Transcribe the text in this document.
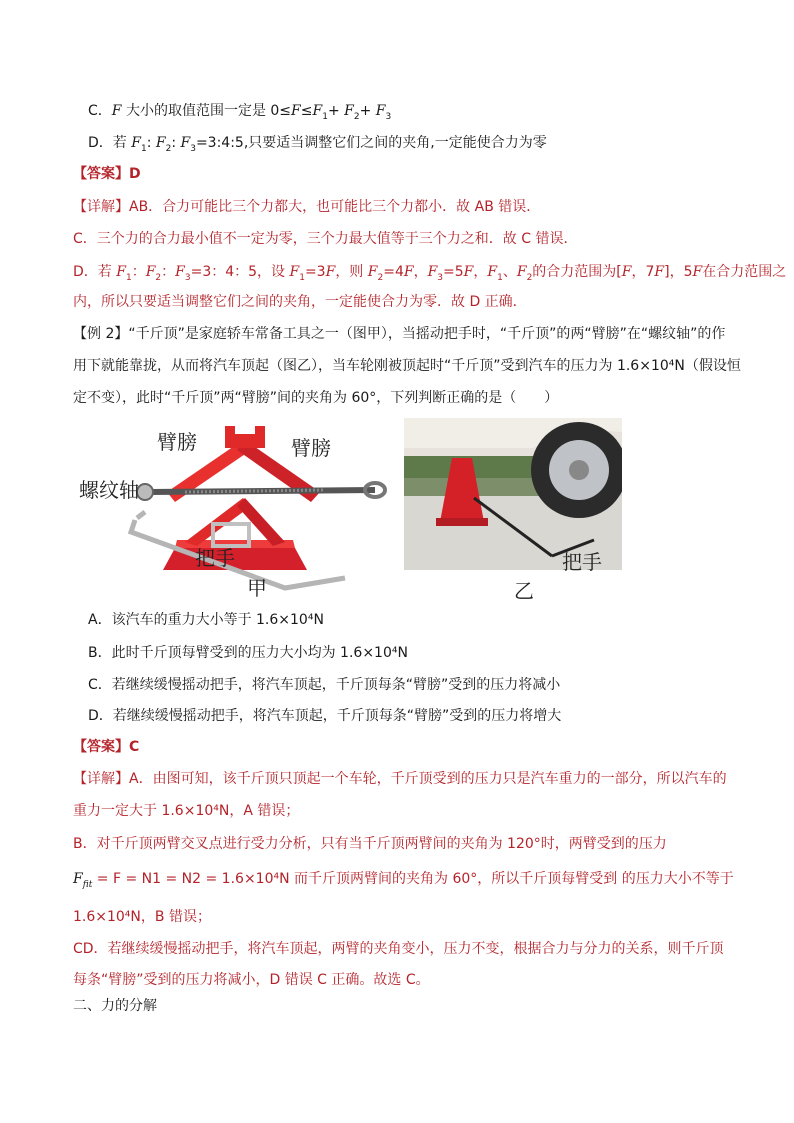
C．F 大小的取值范围一定是 $0\le F\le F_1+ F_2+ F_3$
D．若 $F_1$: $F_2$: $F_3=3:4:5$,只要适当调整它们之间的夹角,一定能使合力为零
【答案】D
【详解】AB．合力可能比三个力都大，也可能比三个力都小．故 AB 错误．
C．三个力的合力最小值不一定为零，三个力最大值等于三个力之和．故 C 错误．
D．若 $F_1$：$F_2$：$F_3=3$：4：5，设 $F_1=3F$，则 $F_2=4F$，$F_3=5F$，$F_1$、$F_2$的合力范围为[F，7F]，5F在合力范围之
内，所以只要适当调整它们之间的夹角，一定能使合力为零．故 D 正确．
【例 2】“千斤顶”是家庭轿车常备工具之一（图甲），当摇动把手时，“千斤顶”的两“臂膀”在“螺纹轴”的作
用下就能靠拢，从而将汽车顶起（图乙），当车轮刚被顶起时“千斤顶”受到汽车的压力为 1.6×10⁴N（假设恒
定不变），此时“千斤顶”两“臂膀”间的夹角为 60°，下列判断正确的是（　　）
臂膀	臂膀
螺纹轴
把手
甲
把手
乙
A．该汽车的重力大小等于 1.6×10⁴N
B．此时千斤顶每臂受到的压力大小均为 1.6×10⁴N
C．若继续缓慢摇动把手，将汽车顶起，千斤顶每条“臂膀”受到的压力将减小
D．若继续缓慢摇动把手，将汽车顶起，千斤顶每条“臂膀”受到的压力将增大
【答案】C
【详解】A．由图可知，该千斤顶只顶起一个车轮，千斤顶受到的压力只是汽车重力的一部分，所以汽车的
重力一定大于 1.6×10⁴N，A 错误；
B．对千斤顶两臂交叉点进行受力分析，只有当千斤顶两臂间的夹角为 120°时，两臂受到的压力
$F_{fit} = F = N1 = N2 = 1.6\times 10^4N$ 而千斤顶两臂间的夹角为 60°，所以千斤顶每臂受到 的压力大小不等于
1.6×10⁴N，B 错误；
CD．若继续缓慢摇动把手，将汽车顶起，两臂的夹角变小，压力不变，根据合力与分力的关系，则千斤顶
每条“臂膀”受到的压力将减小，D 错误 C 正确。故选 C。
二、力的分解
